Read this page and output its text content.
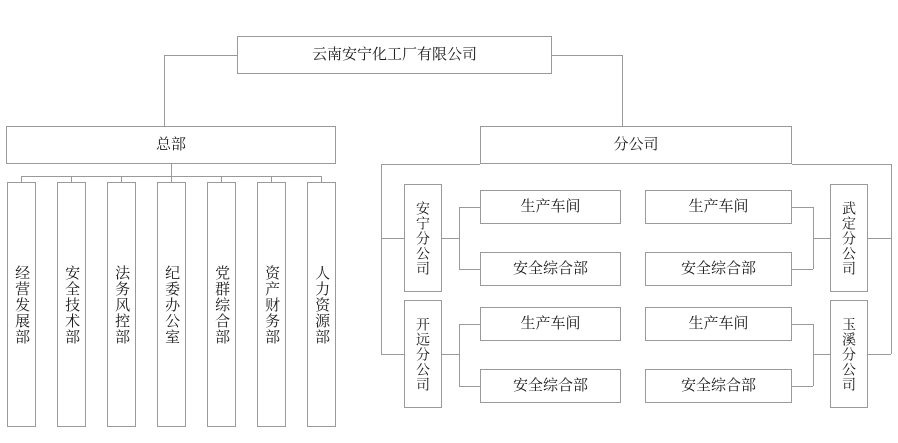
云南安宁化工厂有限公司
总部	分公司
经营发展部	安全技术部	法务风控部	纪委办公室	党群综合部	资产财务部	人力资源部
安宁分公司	生产车间
安全综合部	武定分公司
生产车间
安全综合部
开远分公司	生产车间
安全综合部	玉溪分公司
生产车间
安全综合部
